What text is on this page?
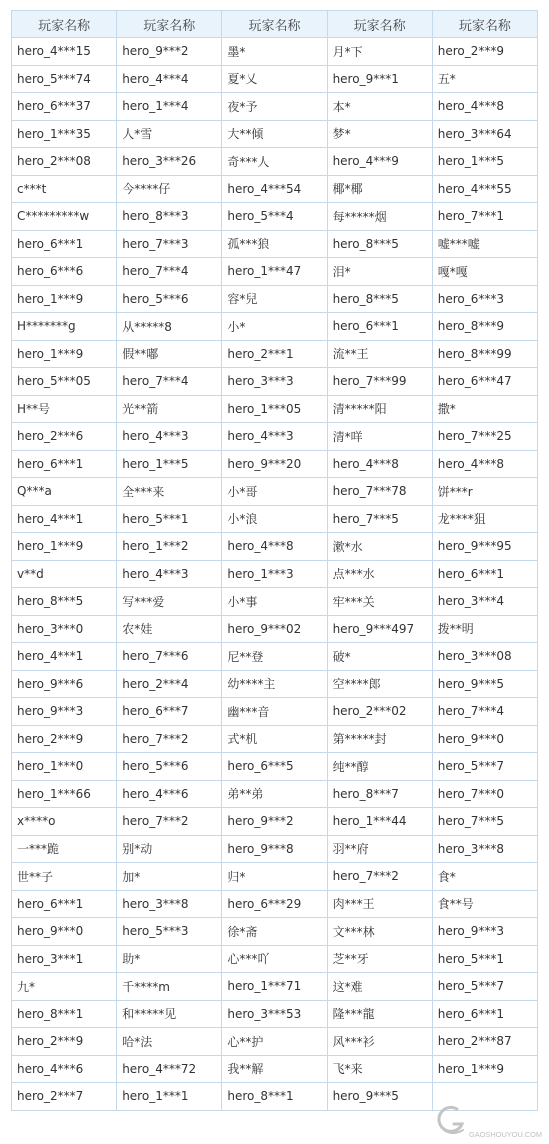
玩家名称	玩家名称	玩家名称	玩家名称	玩家名称
hero_4***15	hero_9***2	墨*	月*下	hero_2***9
hero_5***74	hero_4***4	夏*乂	hero_9***1	五*
hero_6***37	hero_1***4	夜*予	本*	hero_4***8
hero_1***35	人*雪	大**倾	梦*	hero_3***64
hero_2***08	hero_3***26	奇***人	hero_4***9	hero_1***5
c***t	今****仔	hero_4***54	椰*椰	hero_4***55
C*********w	hero_8***3	hero_5***4	每*****烟	hero_7***1
hero_6***1	hero_7***3	孤***狼	hero_8***5	嘘***嘘
hero_6***6	hero_7***4	hero_1***47	泪*	嘎*嘎
hero_1***9	hero_5***6	容*兒	hero_8***5	hero_6***3
H*******g	从*****8	小*	hero_6***1	hero_8***9
hero_1***9	假**嘟	hero_2***1	流**王	hero_8***99
hero_5***05	hero_7***4	hero_3***3	hero_7***99	hero_6***47
H**号	光**箭	hero_1***05	清*****阳	撒*
hero_2***6	hero_4***3	hero_4***3	清*咩	hero_7***25
hero_6***1	hero_1***5	hero_9***20	hero_4***8	hero_4***8
Q***a	全***来	小*哥	hero_7***78	饼***r
hero_4***1	hero_5***1	小*浪	hero_7***5	龙****狙
hero_1***9	hero_1***2	hero_4***8	漱*水	hero_9***95
v**d	hero_4***3	hero_1***3	点***水	hero_6***1
hero_8***5	写***爱	小*事	牢***关	hero_3***4
hero_3***0	农*娃	hero_9***02	hero_9***497	拨**明
hero_4***1	hero_7***6	尼**登	破*	hero_3***08
hero_9***6	hero_2***4	幼****主	空****郎	hero_9***5
hero_9***3	hero_6***7	幽***音	hero_2***02	hero_7***4
hero_2***9	hero_7***2	式*机	第*****封	hero_9***0
hero_1***0	hero_5***6	hero_6***5	纯**醇	hero_5***7
hero_1***66	hero_4***6	弟**弟	hero_8***7	hero_7***0
x****o	hero_7***2	hero_9***2	hero_1***44	hero_7***5
一***跪	别*动	hero_9***8	羽**府	hero_3***8
世**子	加*	归*	hero_7***2	食*
hero_6***1	hero_3***8	hero_6***29	肉***王	食**号
hero_9***0	hero_5***3	徐*斋	文***林	hero_9***3
hero_3***1	助*	心***吖	芝**牙	hero_5***1
九*	千****m	hero_1***71	这*难	hero_5***7
hero_8***1	和*****见	hero_3***53	隆***龍	hero_6***1
hero_2***9	哈*法	心**护	风***衫	hero_2***87
hero_4***6	hero_4***72	我**解	飞*来	hero_1***9
hero_2***7	hero_1***1	hero_8***1	hero_9***5	
GAOSHOUYOU.COM
